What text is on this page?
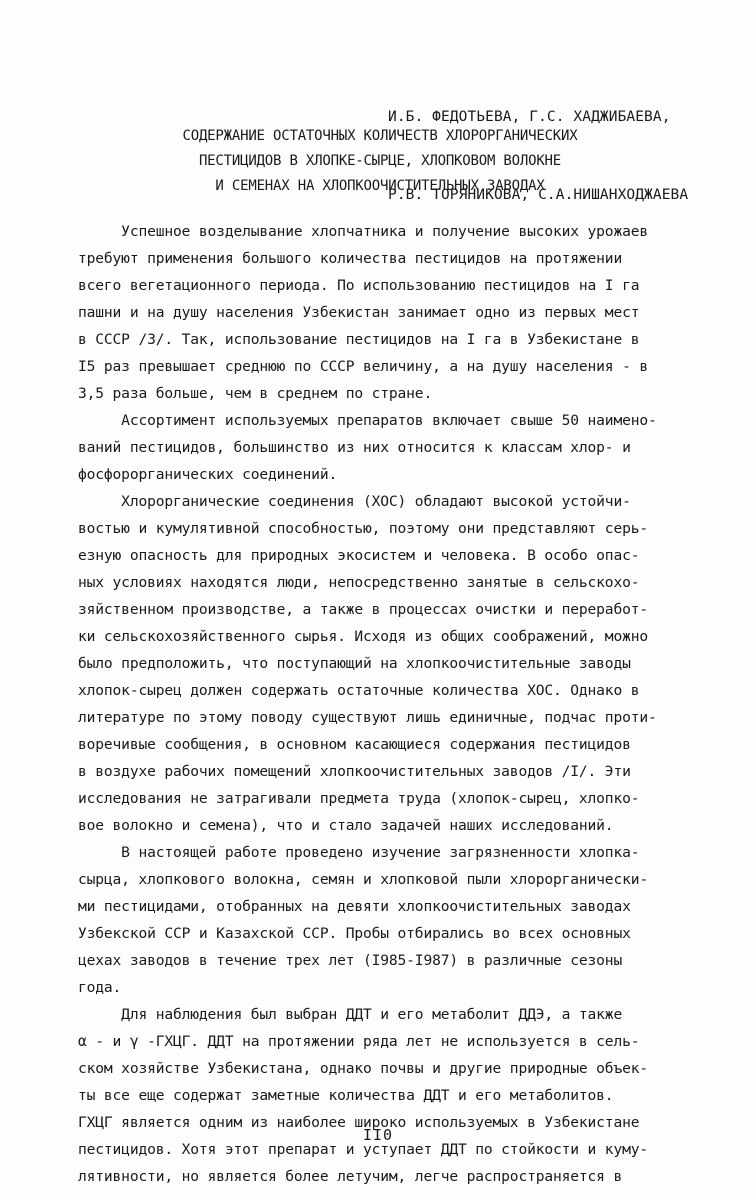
И.Б. ФЕДОТЬЕВА, Г.С. ХАДЖИБАЕВА,

Р.В. ТОРЯНИКОВА, С.А.НИШАНХОДЖАЕВА

СОДЕРЖАНИЕ ОСТАТОЧНЫХ КОЛИЧЕСТВ ХЛОРОРГАНИЧЕСКИХ
ПЕСТИЦИДОВ В ХЛОПКЕ-СЫРЦЕ, ХЛОПКОВОМ ВОЛОКНЕ
И СЕМЕНАХ НА ХЛОПКООЧИСТИТЕЛЬНЫХ ЗАВОДАХ
Успешное возделывание хлопчатника и получение высоких урожаев
требуют применения большого количества пестицидов на протяжении
всего вегетационного периода. По использованию пестицидов на I га
пашни и на душу населения Узбекистан занимает одно из первых мест
в СССР /3/. Так, использование пестицидов на I га в Узбекистане в
I5 раз превышает среднюю по СССР величину, а на душу населения - в
3,5 раза больше, чем в среднем по стране.
Ассортимент используемых препаратов включает свыше 50 наимено-
ваний пестицидов, большинство из них относится к классам хлор- и
фосфорорганических соединений.
Хлорорганические соединения (ХОС) обладают высокой устойчи-
востью и кумулятивной способностью, поэтому они представляют серь-
езную опасность для природных экосистем и человека. В особо опас-
ных условиях находятся люди, непосредственно занятые в сельскохо-
зяйственном производстве, а также в процессах очистки и переработ-
ки сельскохозяйственного сырья. Исходя из общих соображений, можно
было предположить, что поступающий на хлопкоочистительные заводы
хлопок-сырец должен содержать остаточные количества ХОС. Однако в
литературе по этому поводу существуют лишь единичные, подчас проти-
воречивые сообщения, в основном касающиеся содержания пестицидов
в воздухе рабочих помещений хлопкоочистительных заводов /I/. Эти
исследования не затрагивали предмета труда (хлопок-сырец, хлопко-
вое волокно и семена), что и стало задачей наших исследований.
В настоящей работе проведено изучение загрязненности хлопка-
сырца, хлопкового волокна, семян и хлопковой пыли хлорорганически-
ми пестицидами, отобранных на девяти хлопкоочистительных заводах
Узбекской ССР и Казахской ССР. Пробы отбирались во всех основных
цехах заводов в течение трех лет (I985-I987) в различные сезоны
года.
Для наблюдения был выбран ДДТ и его метаболит ДДЭ, а также
α - и γ -ГХЦГ. ДДТ на протяжении ряда лет не используется в сель-
ском хозяйстве Узбекистана, однако почвы и другие природные объек-
ты все еще содержат заметные количества ДДТ и его метаболитов.
ГХЦГ является одним из наиболее широко используемых в Узбекистане
пестицидов. Хотя этот препарат и уступает ДДТ по стойкости и куму-
лятивности, но является более летучим, легче распространяется в
II0
